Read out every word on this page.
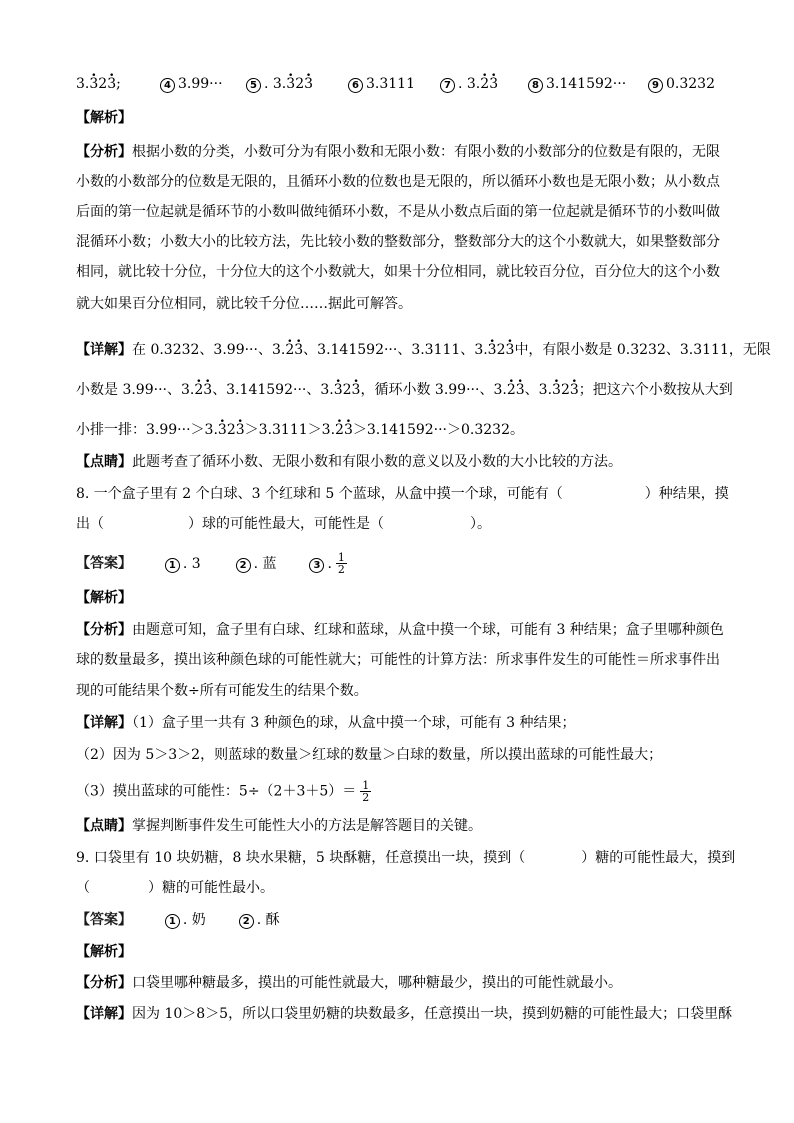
3.. 32. 3;	4 3.99···	5 . 3.. 32. 3	6 3.3111	7 . 3.. 2. 3	8 3.141592···	9 0.3232
【解析】
【分析】根据小数的分类，小数可分为有限小数和无限小数：有限小数的小数部分的位数是有限的，无限
小数的小数部分的位数是无限的，且循环小数的位数也是无限的，所以循环小数也是无限小数；从小数点
后面的第一位起就是循环节的小数叫做纯循环小数，不是从小数点后面的第一位起就是循环节的小数叫做
混循环小数；小数大小的比较方法，先比较小数的整数部分，整数部分大的这个小数就大，如果整数部分
相同，就比较十分位，十分位大的这个小数就大，如果十分位相同，就比较百分位，百分位大的这个小数
就大如果百分位相同，就比较千分位……据此可解答。
【详解】在 0.3232、3.99···、3.. 2. 3、3.141592···、3.3111、3.. 32. 3中，有限小数是 0.3232、3.3111，无限
小数是 3.99···、3.. 2. 3、3.141592···、3.. 32. 3，循环小数 3.99···、3.. 2. 3、3.. 32. 3；把这六个小数按从大到
小排一排：3.99···＞3.. 32. 3＞3.3111＞3.. 2. 3＞3.141592···＞0.3232。
【点睛】此题考查了循环小数、无限小数和有限小数的意义以及小数的大小比较的方法。
8. 一个盒子里有 2 个白球、3 个红球和 5 个蓝球，从盒中摸一个球，可能有（	）种结果，摸
出（	）球的可能性最大，可能性是（	）。
【答案】	1 . 3	2 . 蓝	3 . $\frac{1}{2}$
【解析】
【分析】由题意可知，盒子里有白球、红球和蓝球，从盒中摸一个球，可能有 3 种结果；盒子里哪种颜色
球的数量最多，摸出该种颜色球的可能性就大；可能性的计算方法：所求事件发生的可能性＝所求事件出
现的可能结果个数÷所有可能发生的结果个数。
【详解】（1）盒子里一共有 3 种颜色的球，从盒中摸一个球，可能有 3 种结果；
（2）因为 5＞3＞2，则蓝球的数量＞红球的数量＞白球的数量，所以摸出蓝球的可能性最大；
（3）摸出蓝球的可能性：$5\div(2+3+5)= \frac{1}{2}$
【点睛】掌握判断事件发生可能性大小的方法是解答题目的关键。
9. 口袋里有 10 块奶糖，8 块水果糖，5 块酥糖，任意摸出一块，摸到（	）糖的可能性最大，摸到
（	）糖的可能性最小。
【答案】	1 . 奶	2 . 酥
【解析】
【分析】口袋里哪种糖最多，摸出的可能性就最大，哪种糖最少，摸出的可能性就最小。
【详解】因为 10＞8＞5，所以口袋里奶糖的块数最多，任意摸出一块，摸到奶糖的可能性最大；口袋里酥
